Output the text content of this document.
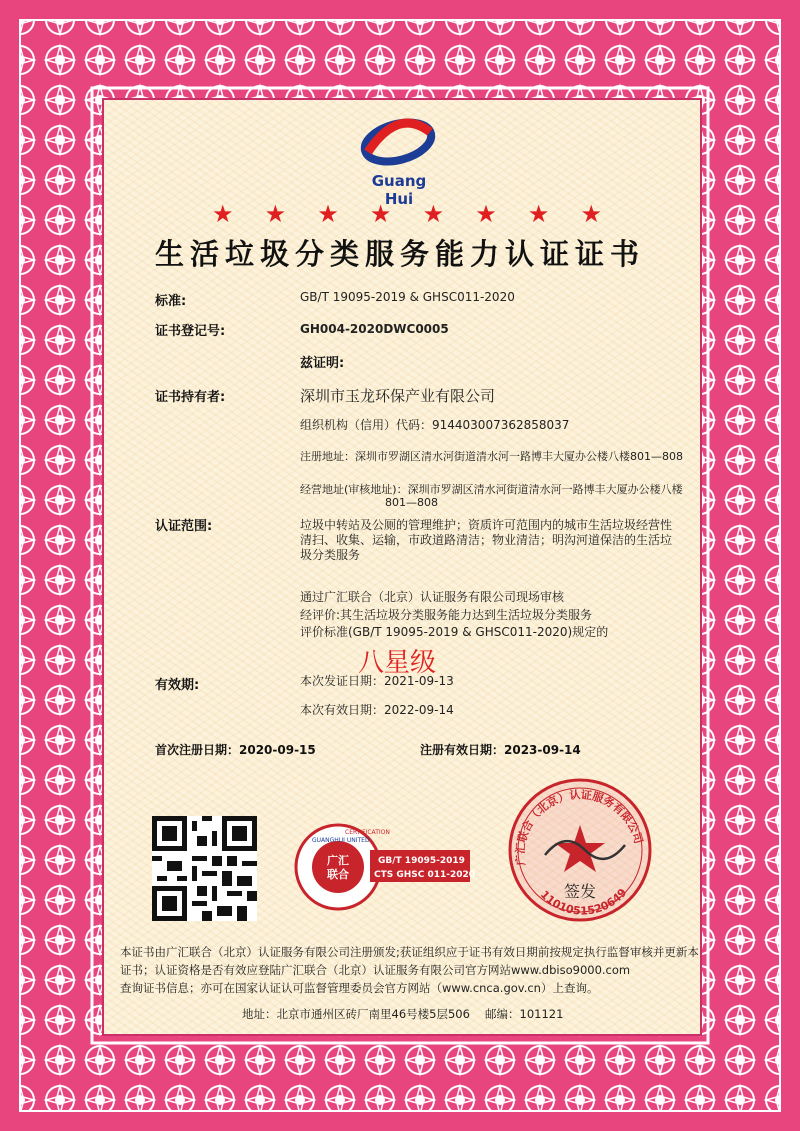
Guang Hui
★ ★ ★ ★ ★ ★ ★ ★
生活垃圾分类服务能力认证证书
标准:	GB/T 19095-2019 & GHSC011-2020
证书登记号:	GH004-2020DWC0005
兹证明:
证书持有者:	深圳市玉龙环保产业有限公司
组织机构（信用）代码：914403007362858037
注册地址：深圳市罗湖区清水河街道清水河一路博丰大厦办公楼八楼801—808
经营地址(审核地址)：深圳市罗湖区清水河街道清水河一路博丰大厦办公楼八楼
801—808
认证范围:	垃圾中转站及公厕的管理维护；资质许可范围内的城市生活垃圾经营性
清扫、收集、运输，市政道路清洁；物业清洁；明沟河道保洁的生活垃
圾分类服务
通过广汇联合（北京）认证服务有限公司现场审核
经评价:其生活垃圾分类服务能力达到生活垃圾分类服务
评价标准(GB/T 19095-2019 & GHSC011-2020)规定的
八星级
有效期:	本次发证日期：2021-09-13
本次有效日期：2022-09-14
首次注册日期：2020-09-15	注册有效日期：2023-09-14
广汇
联合
GUANGHUI UNITED
CERTIFICATION
GB/T 19095-2019
CTS GHSC 011-2020
广汇联合（北京）认证服务有限公司
1101051520649
签发
本证书由广汇联合（北京）认证服务有限公司注册颁发;获证组织应于证书有效日期前按规定执行监督审核并更新本
证书；认证资格是否有效应登陆广汇联合（北京）认证服务有限公司官方网站www.dbiso9000.com
查询证书信息；亦可在国家认证认可监督管理委员会官方网站（www.cnca.gov.cn）上查询。
地址：北京市通州区砖厂南里46号楼5层506 邮编：101121
